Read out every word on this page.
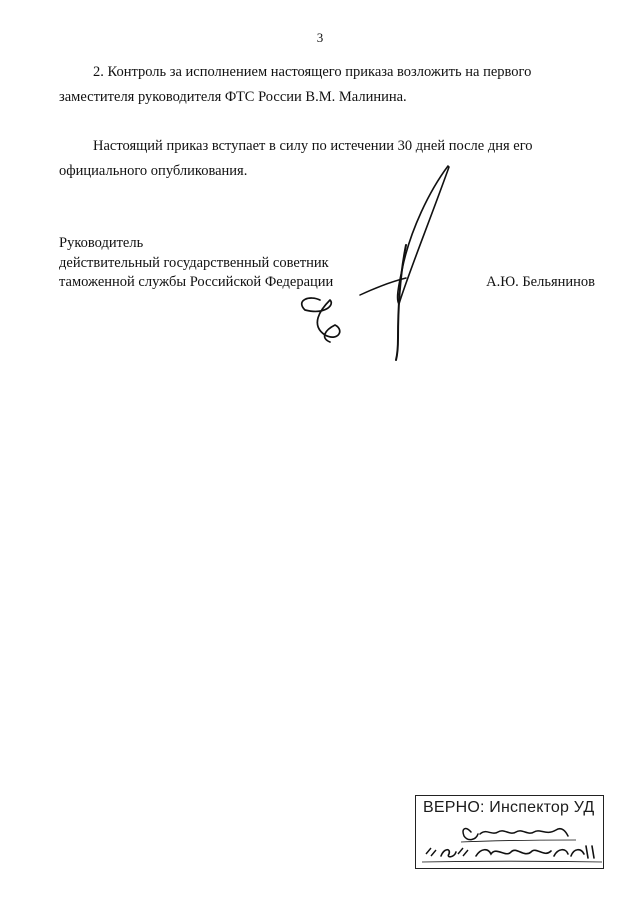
3
2. Контроль за исполнением настоящего приказа возложить на первого
заместителя руководителя ФТС России В.М. Малинина.
Настоящий приказ вступает в силу по истечении 30 дней после дня его
официального опубликования.
Руководитель
действительный государственный советник
таможенной службы Российской Федерации	А.Ю. Бельянинов
ВЕРНО: Инспектор УД
